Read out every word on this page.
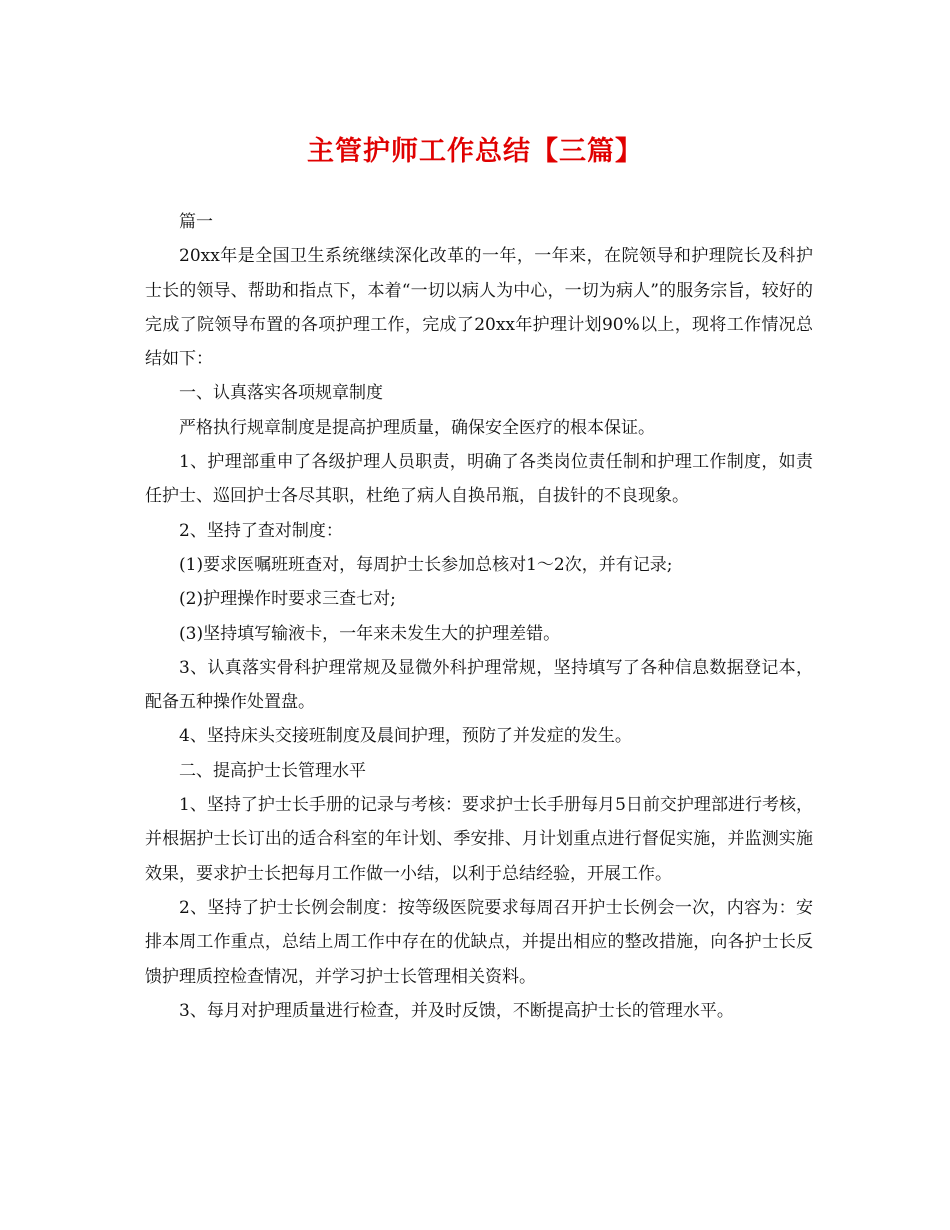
主管护师工作总结【三篇】

篇一

20xx年是全国卫生系统继续深化改革的一年，一年来，在院领导和护理院长及科护士长的领导、帮助和指点下，本着“一切以病人为中心，一切为病人”的服务宗旨，较好的完成了院领导布置的各项护理工作，完成了20xx年护理计划90%以上，现将工作情况总结如下：

一、认真落实各项规章制度

严格执行规章制度是提高护理质量，确保安全医疗的根本保证。

1、护理部重申了各级护理人员职责，明确了各类岗位责任制和护理工作制度，如责任护士、巡回护士各尽其职，杜绝了病人自换吊瓶，自拔针的不良现象。

2、坚持了查对制度：

(1)要求医嘱班班查对，每周护士长参加总核对1～2次，并有记录;

(2)护理操作时要求三查七对;

(3)坚持填写输液卡，一年来未发生大的护理差错。

3、认真落实骨科护理常规及显微外科护理常规，坚持填写了各种信息数据登记本，配备五种操作处置盘。

4、坚持床头交接班制度及晨间护理，预防了并发症的发生。

二、提高护士长管理水平

1、坚持了护士长手册的记录与考核：要求护士长手册每月5日前交护理部进行考核，并根据护士长订出的适合科室的年计划、季安排、月计划重点进行督促实施，并监测实施效果，要求护士长把每月工作做一小结，以利于总结经验，开展工作。

2、坚持了护士长例会制度：按等级医院要求每周召开护士长例会一次，内容为：安排本周工作重点，总结上周工作中存在的优缺点，并提出相应的整改措施，向各护士长反馈护理质控检查情况，并学习护士长管理相关资料。

3、每月对护理质量进行检查，并及时反馈，不断提高护士长的管理水平。
